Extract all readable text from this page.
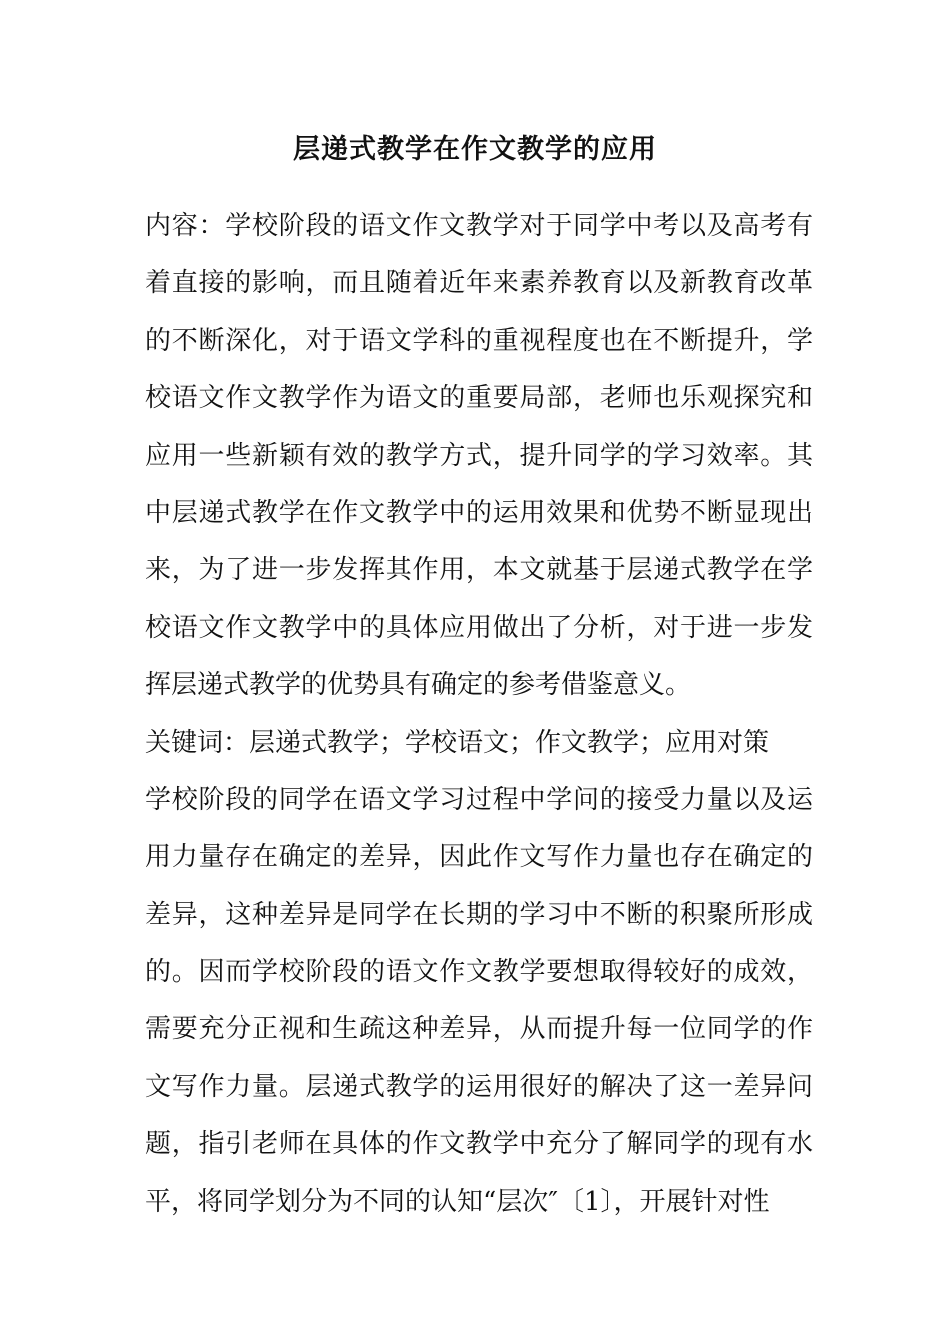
层递式教学在作文教学的应用
内容：学校阶段的语文作文教学对于同学中考以及高考有
着直接的影响，而且随着近年来素养教育以及新教育改革
的不断深化，对于语文学科的重视程度也在不断提升，学
校语文作文教学作为语文的重要局部，老师也乐观探究和
应用一些新颖有效的教学方式，提升同学的学习效率。其
中层递式教学在作文教学中的运用效果和优势不断显现出
来，为了进一步发挥其作用，本文就基于层递式教学在学
校语文作文教学中的具体应用做出了分析，对于进一步发
挥层递式教学的优势具有确定的参考借鉴意义。
关键词：层递式教学；学校语文；作文教学；应用对策
学校阶段的同学在语文学习过程中学问的接受力量以及运
用力量存在确定的差异，因此作文写作力量也存在确定的
差异，这种差异是同学在长期的学习中不断的积聚所形成
的。因而学校阶段的语文作文教学要想取得较好的成效，
需要充分正视和生疏这种差异，从而提升每一位同学的作
文写作力量。层递式教学的运用很好的解决了这一差异问
题，指引老师在具体的作文教学中充分了解同学的现有水
平，将同学划分为不同的认知“层次″〔1〕，开展针对性
